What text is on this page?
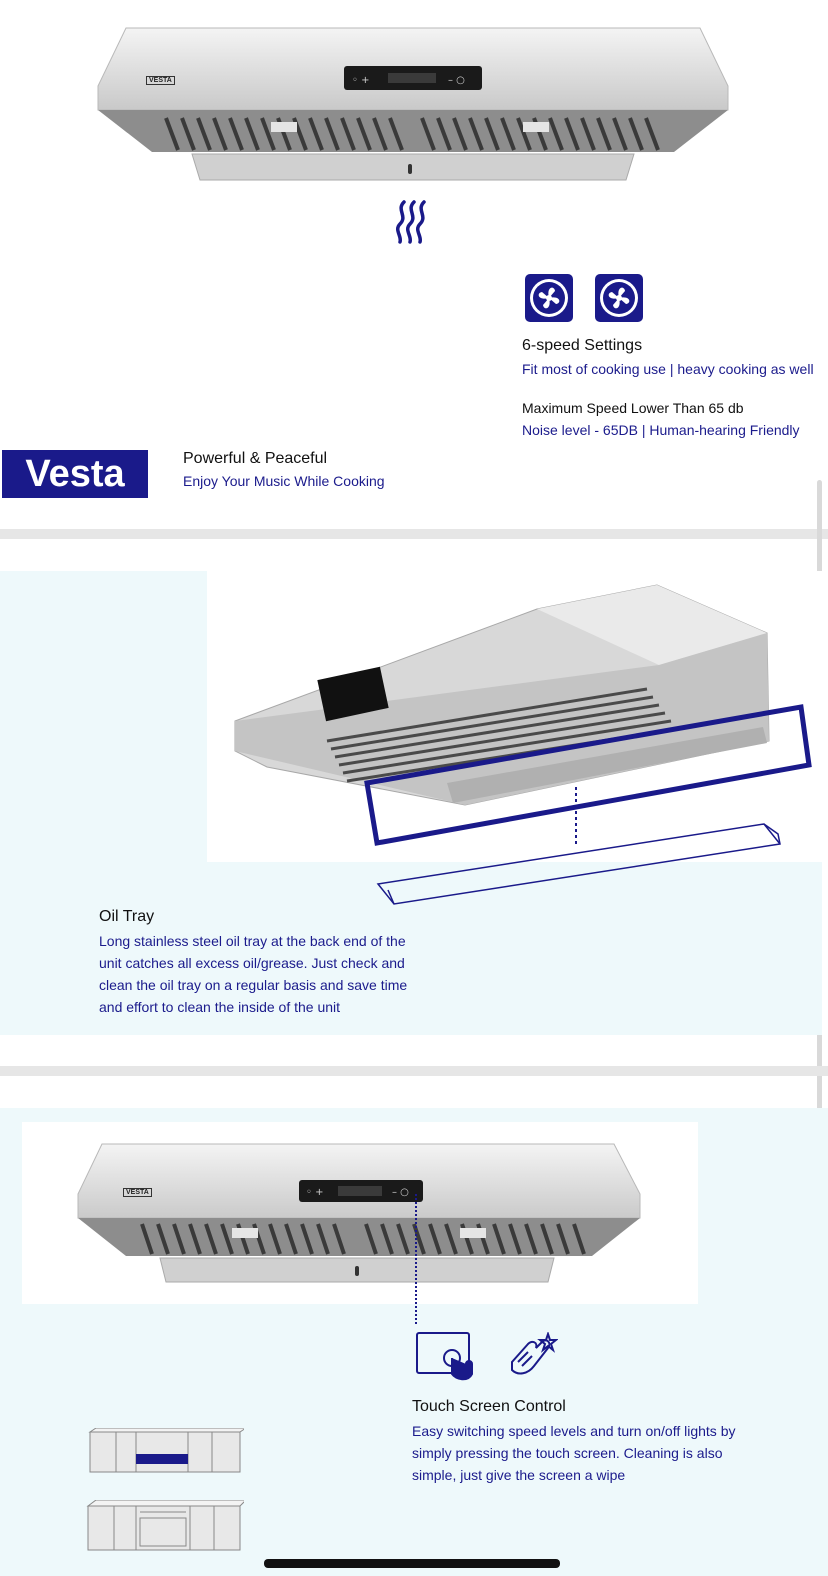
◦ +	– ○
VESTA
6-speed Settings
Fit most of cooking use | heavy cooking as well
Maximum Speed Lower Than 65 db
Noise level - 65DB | Human-hearing Friendly
Vesta	Powerful & Peaceful
Enjoy Your Music While Cooking
Oil Tray
Long stainless steel oil tray at the back end of the
unit catches all excess oil/grease. Just check and
clean the oil tray on a regular basis and save time
and effort to clean the inside of the unit
◦ +	– ○
VESTA
Touch Screen Control
Easy switching speed levels and turn on/off lights by
simply pressing the touch screen. Cleaning is also
simple, just give the screen a wipe
